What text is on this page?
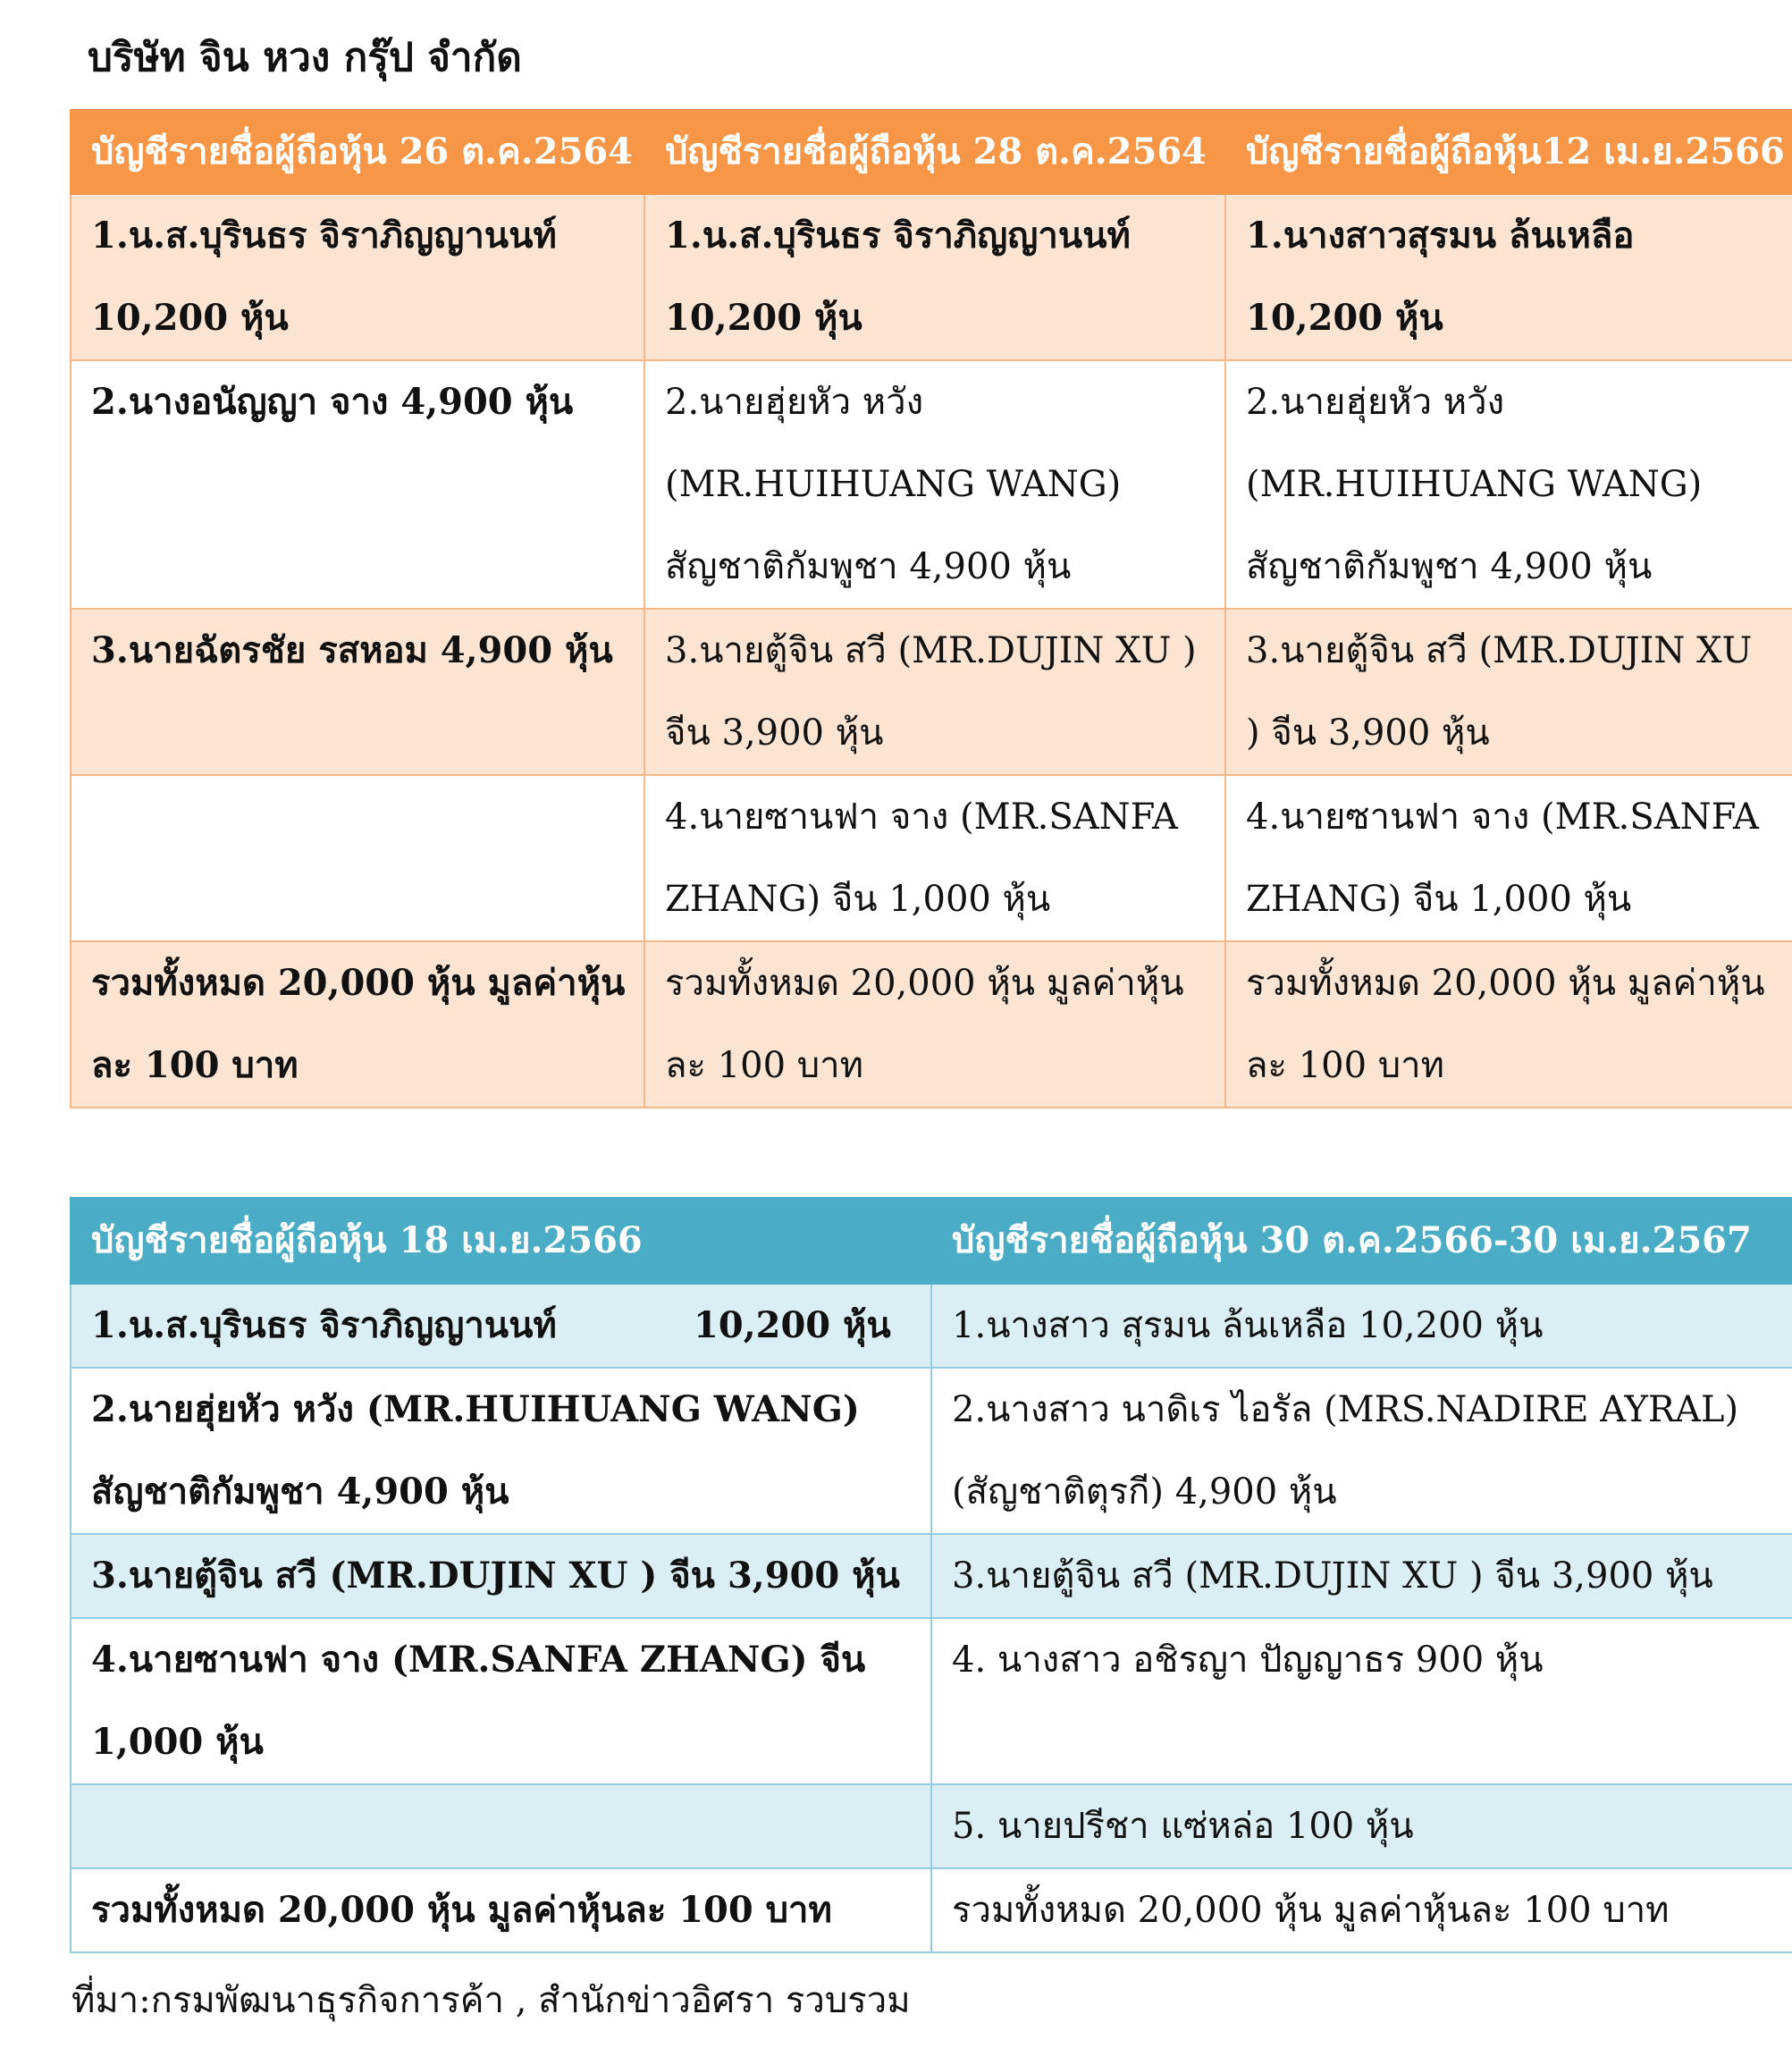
บริษัท จิน หวง กรุ๊ป จำกัด
บัญชีรายชื่อผู้ถือหุ้น 26 ต.ค.2564	บัญชีรายชื่อผู้ถือหุ้น 28 ต.ค.2564	บัญชีรายชื่อผู้ถือหุ้น12 เม.ย.2566
1.น.ส.บุรินธร จิราภิญญานนท์ 10,200 หุ้น	1.น.ส.บุรินธร จิราภิญญานนท์ 10,200 หุ้น	1.นางสาวสุรมน ล้นเหลือ 10,200 หุ้น
2.นางอนัญญา จาง 4,900 หุ้น	2.นายฮุ่ยหัว หวัง (MR.HUIHUANG WANG) สัญชาติกัมพูชา 4,900 หุ้น	2.นายฮุ่ยหัว หวัง (MR.HUIHUANG WANG) สัญชาติกัมพูชา 4,900 หุ้น
3.นายฉัตรชัย รสหอม 4,900 หุ้น	3.นายตู้จิน สวี (MR.DUJIN XU ) จีน 3,900 หุ้น	3.นายตู้จิน สวี (MR.DUJIN XU ) จีน 3,900 หุ้น
	4.นายซานฟา จาง (MR.SANFA ZHANG) จีน 1,000 หุ้น	4.นายซานฟา จาง (MR.SANFA ZHANG) จีน 1,000 หุ้น
รวมทั้งหมด 20,000 หุ้น มูลค่าหุ้นละ 100 บาท	รวมทั้งหมด 20,000 หุ้น มูลค่าหุ้นละ 100 บาท	รวมทั้งหมด 20,000 หุ้น มูลค่าหุ้นละ 100 บาท
บัญชีรายชื่อผู้ถือหุ้น 18 เม.ย.2566	บัญชีรายชื่อผู้ถือหุ้น 30 ต.ค.2566-30 เม.ย.2567
1.น.ส.บุรินธร จิราภิญญานนท์           10,200 หุ้น	1.นางสาว สุรมน ล้นเหลือ 10,200 หุ้น
2.นายฮุ่ยหัว หวัง (MR.HUIHUANG WANG) สัญชาติกัมพูชา 4,900 หุ้น	2.นางสาว นาดิเร ไอรัล (MRS.NADIRE AYRAL) (สัญชาติตุรกี) 4,900 หุ้น
3.นายตู้จิน สวี (MR.DUJIN XU ) จีน 3,900 หุ้น	3.นายตู้จิน สวี (MR.DUJIN XU ) จีน 3,900 หุ้น
4.นายซานฟา จาง (MR.SANFA ZHANG) จีน 1,000 หุ้น	4. นางสาว อชิรญา ปัญญาธร 900 หุ้น
	5. นายปรีชา แซ่หล่อ 100 หุ้น
รวมทั้งหมด 20,000 หุ้น มูลค่าหุ้นละ 100 บาท	รวมทั้งหมด 20,000 หุ้น มูลค่าหุ้นละ 100 บาท

ที่มา:กรมพัฒนาธุรกิจการค้า , สำนักข่าวอิศรา รวบรวม
